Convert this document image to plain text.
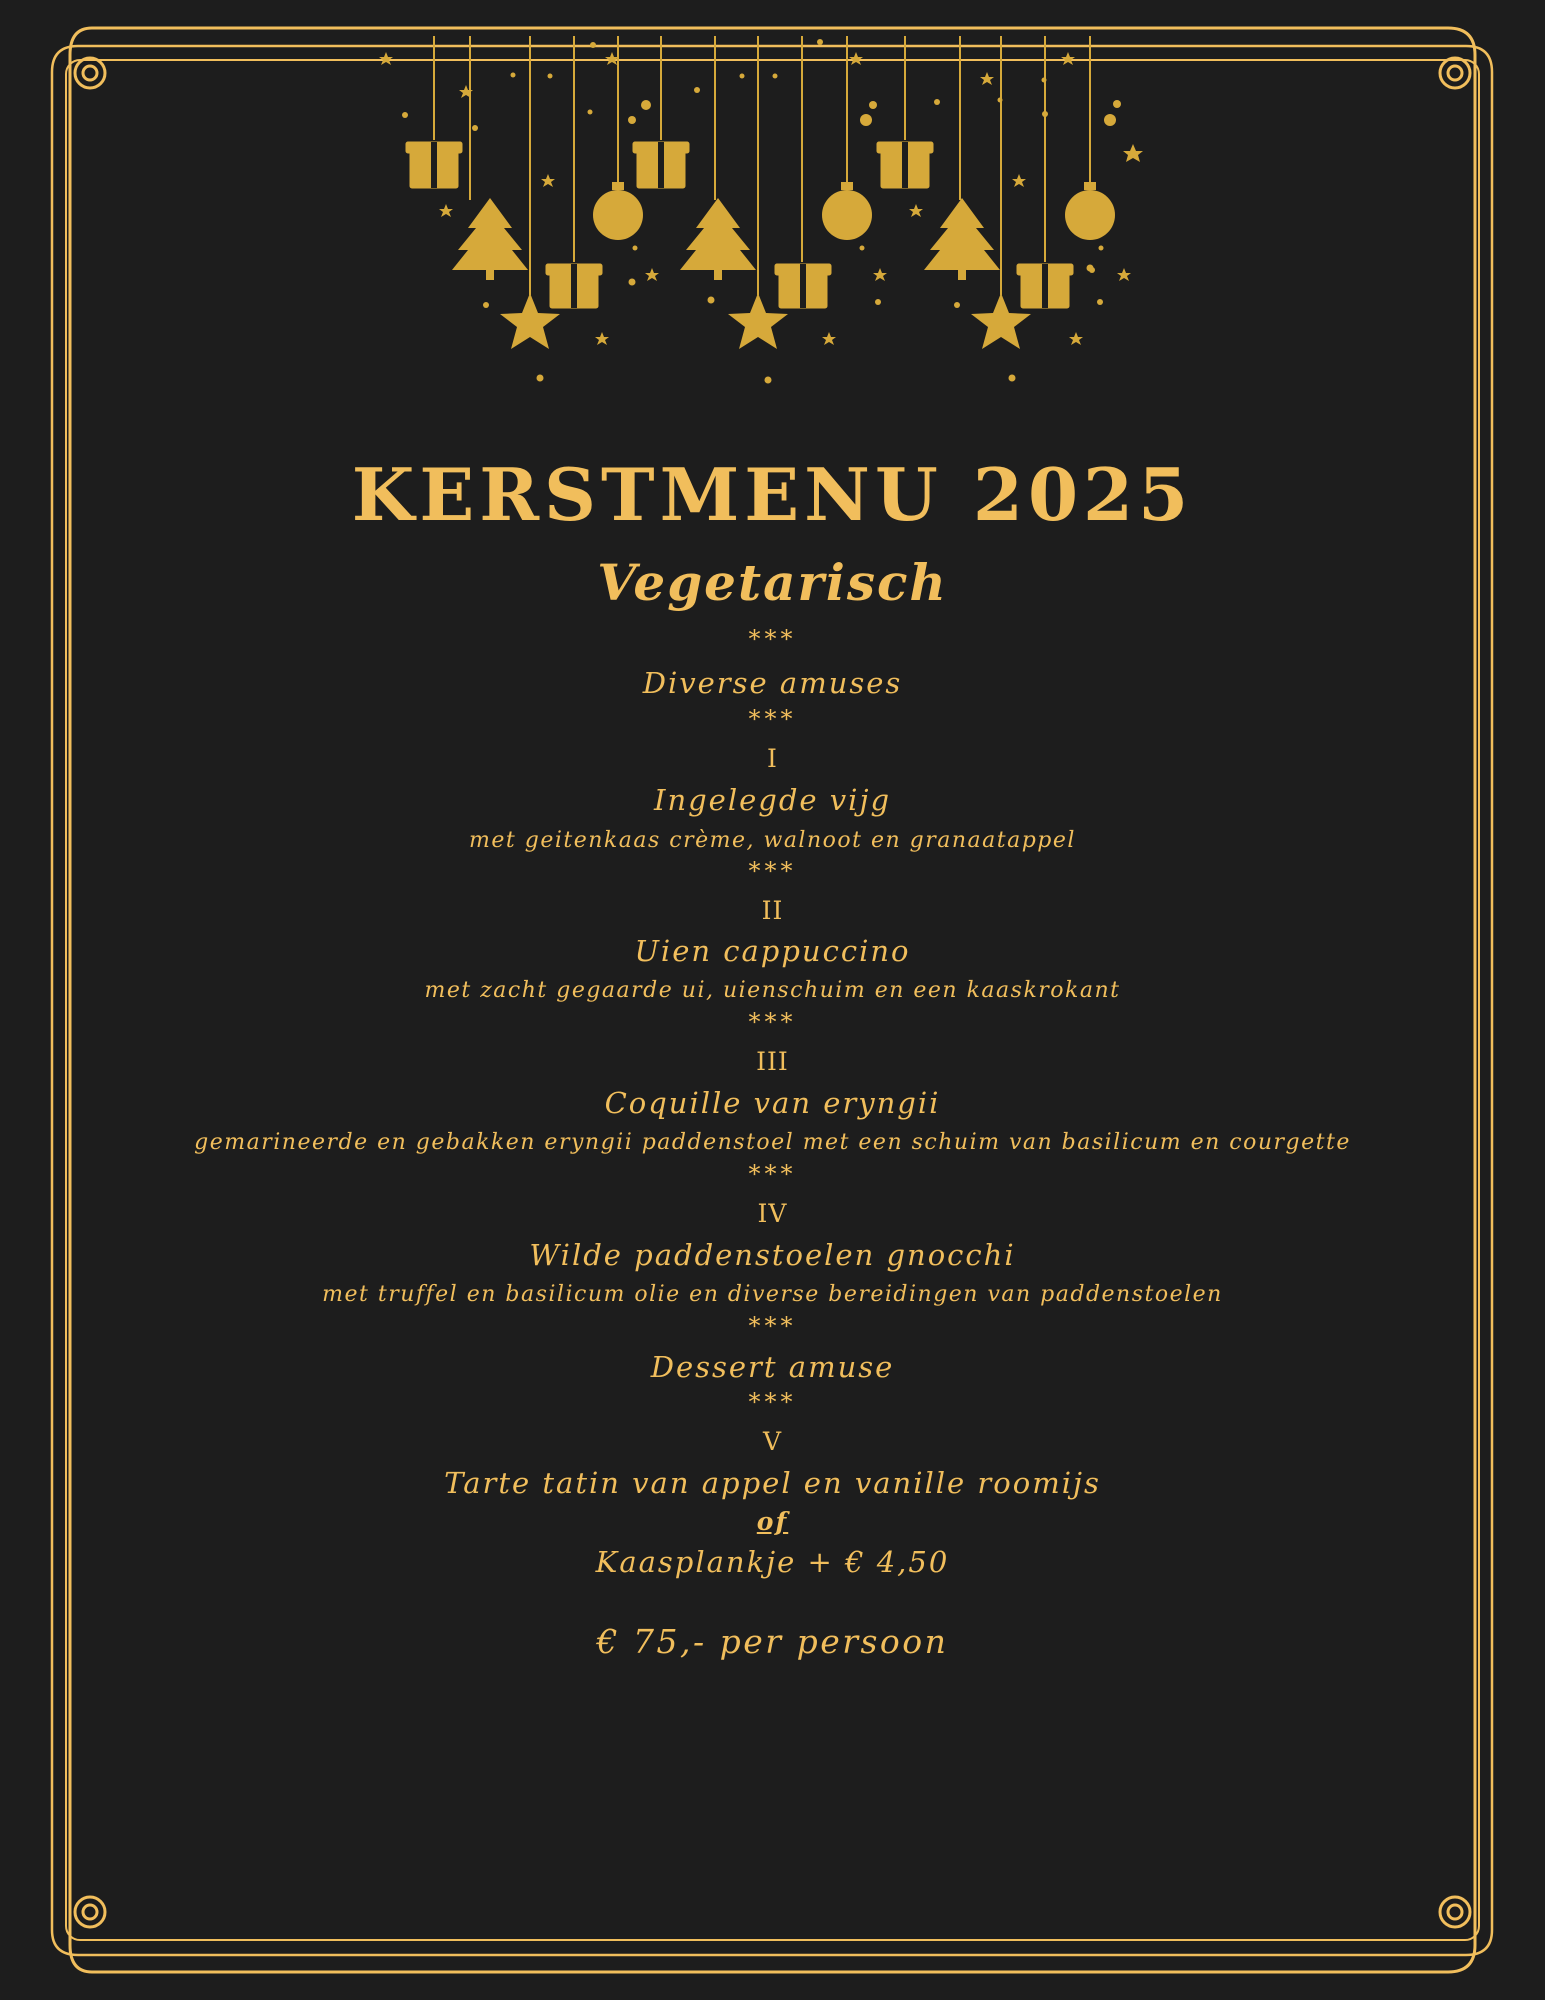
KERSTMENU 2025
Vegetarisch
***
Diverse amuses
***
I
Ingelegde vijg
met geitenkaas crème, walnoot en granaatappel
***
II
Uien cappuccino
met zacht gegaarde ui, uienschuim en een kaaskrokant
***
III
Coquille van eryngii
gemarineerde en gebakken eryngii paddenstoel met een schuim van basilicum en courgette
***
IV
Wilde paddenstoelen gnocchi
met truffel en basilicum olie en diverse bereidingen van paddenstoelen
***
Dessert amuse
***
V
Tarte tatin van appel en vanille roomijs
of
Kaasplankje + € 4,50
€ 75,- per persoon
